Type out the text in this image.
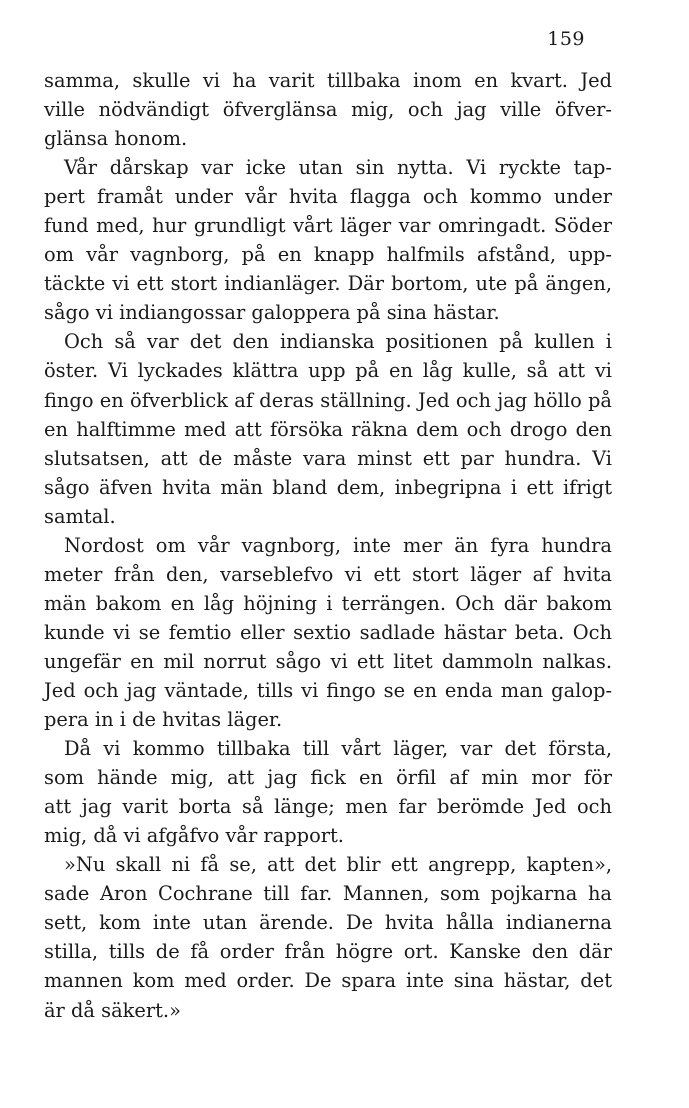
159
samma, skulle vi ha varit tillbaka inom en kvart. Jed
ville nödvändigt öfverglänsa mig, och jag ville öfver-
glänsa honom.
Vår dårskap var icke utan sin nytta. Vi ryckte tap-
pert framåt under vår hvita flagga och kommo under
fund med, hur grundligt vårt läger var omringadt. Söder
om vår vagnborg, på en knapp halfmils afstånd, upp-
täckte vi ett stort indianläger. Där bortom, ute på ängen,
sågo vi indiangossar galoppera på sina hästar.
Och så var det den indianska positionen på kullen i
öster. Vi lyckades klättra upp på en låg kulle, så att vi
fingo en öfverblick af deras ställning. Jed och jag höllo på
en halftimme med att försöka räkna dem och drogo den
slutsatsen, att de måste vara minst ett par hundra. Vi
sågo äfven hvita män bland dem, inbegripna i ett ifrigt
samtal.
Nordost om vår vagnborg, inte mer än fyra hundra
meter från den, varseblefvo vi ett stort läger af hvita
män bakom en låg höjning i terrängen. Och där bakom
kunde vi se femtio eller sextio sadlade hästar beta. Och
ungefär en mil norrut sågo vi ett litet dammoln nalkas.
Jed och jag väntade, tills vi fingo se en enda man galop-
pera in i de hvitas läger.
Då vi kommo tillbaka till vårt läger, var det första,
som hände mig, att jag fick en örfil af min mor för
att jag varit borta så länge; men far berömde Jed och
mig, då vi afgåfvo vår rapport.
»Nu skall ni få se, att det blir ett angrepp, kapten»,
sade Aron Cochrane till far. Mannen, som pojkarna ha
sett, kom inte utan ärende. De hvita hålla indianerna
stilla, tills de få order från högre ort. Kanske den där
mannen kom med order. De spara inte sina hästar, det
är då säkert.»
